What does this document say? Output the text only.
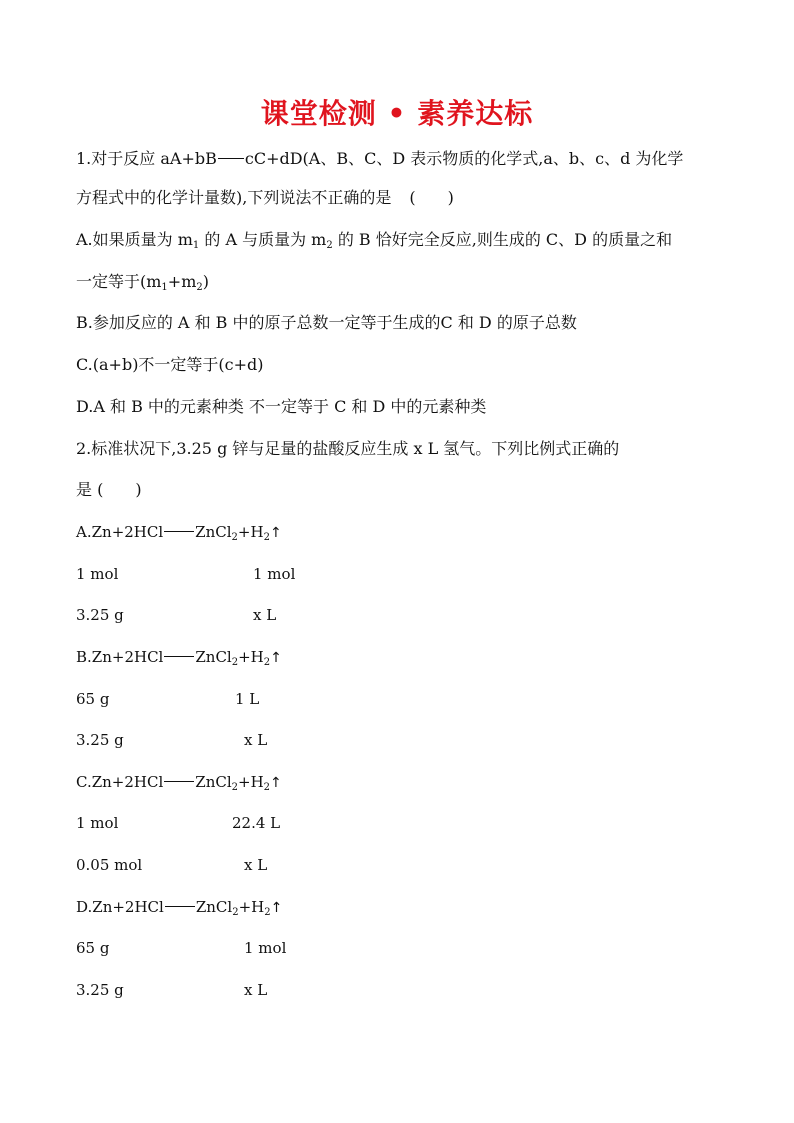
课堂检测 • 素养达标
1.对于反应 aA+bB cC+dD(A、B、C、D 表示物质的化学式,a、b、c、d 为化学
方程式中的化学计量数),下列说法不正确的是 (　　)
A.如果质量为 $m_1$ 的 A 与质量为 $m_2$ 的 B 恰好完全反应,则生成的 C、D 的质量之和
一定等于$(m_1+m_2)$
B.参加反应的 A 和 B 中的原子总数一定等于生成的C 和 D 的原子总数
C.(a+b)不一定等于(c+d)
D.A 和 B 中的元素种类 不一定等于 C 和 D 中的元素种类
2.标准状况下,3.25 g 锌与足量的盐酸反应生成 x L 氢气。下列比例式正确的
是 (　　)
A.Zn+2HCl $ZnCl_2+H_2↑$
1 mol	1 mol
3.25 g	x L
B.Zn+2HCl $ZnCl_2+H_2↑$
65 g	1 L
3.25 g	x L
C.Zn+2HCl $ZnCl_2+H_2↑$
1 mol	22.4 L
0.05 mol	x L
D.Zn+2HCl $ZnCl_2+H_2↑$
65 g	1 mol
3.25 g	x L
